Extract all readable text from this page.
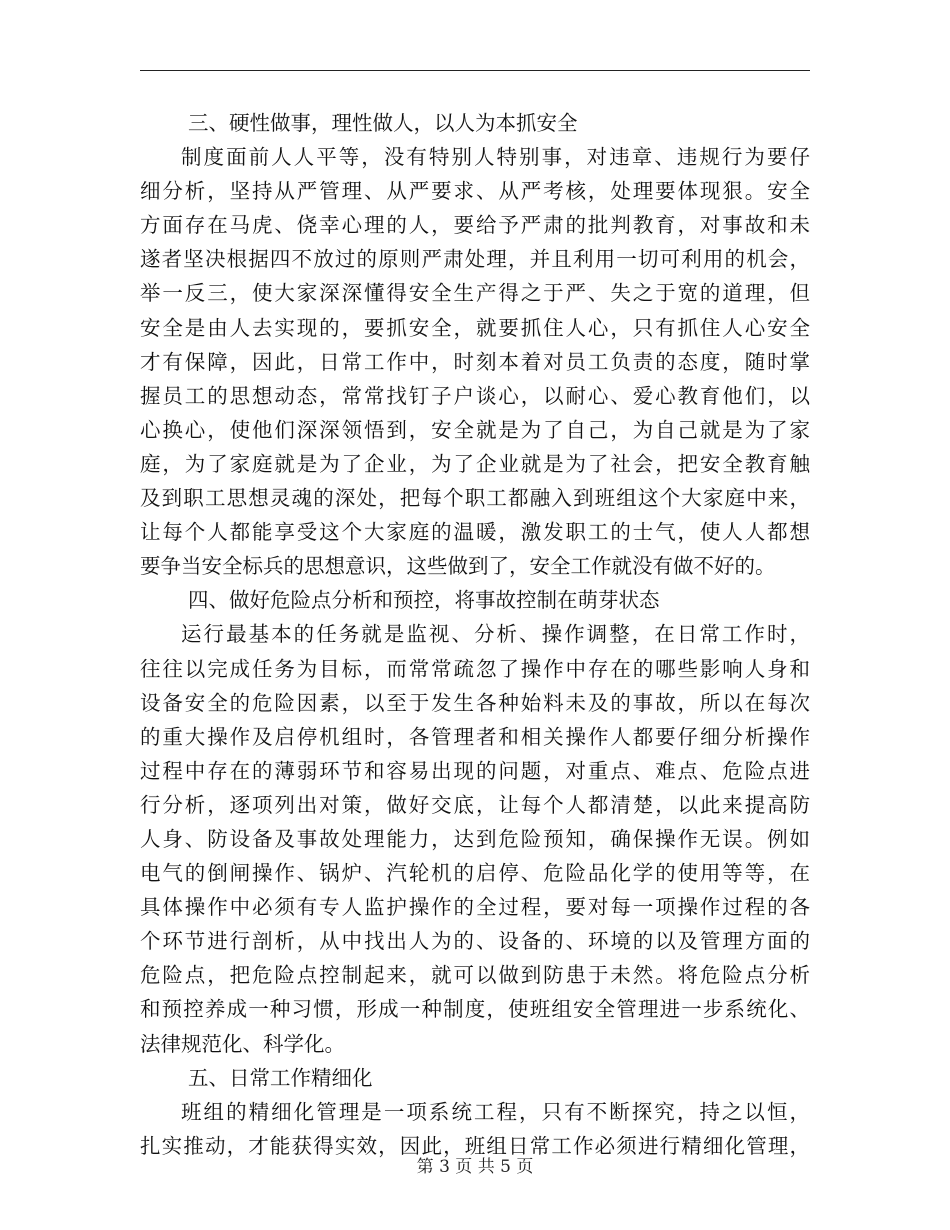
三、硬性做事，理性做人，以人为本抓安全
制度面前人人平等，没有特别人特别事，对违章、违规行为要仔
细分析，坚持从严管理、从严要求、从严考核，处理要体现狠。安全
方面存在马虎、侥幸心理的人，要给予严肃的批判教育，对事故和未
遂者坚决根据四不放过的原则严肃处理，并且利用一切可利用的机会，
举一反三，使大家深深懂得安全生产得之于严、失之于宽的道理，但
安全是由人去实现的，要抓安全，就要抓住人心，只有抓住人心安全
才有保障，因此，日常工作中，时刻本着对员工负责的态度，随时掌
握员工的思想动态，常常找钉子户谈心，以耐心、爱心教育他们，以
心换心，使他们深深领悟到，安全就是为了自己，为自己就是为了家
庭，为了家庭就是为了企业，为了企业就是为了社会，把安全教育触
及到职工思想灵魂的深处，把每个职工都融入到班组这个大家庭中来，
让每个人都能享受这个大家庭的温暖，激发职工的士气，使人人都想
要争当安全标兵的思想意识，这些做到了，安全工作就没有做不好的。
四、做好危险点分析和预控，将事故控制在萌芽状态
运行最基本的任务就是监视、分析、操作调整，在日常工作时，
往往以完成任务为目标，而常常疏忽了操作中存在的哪些影响人身和
设备安全的危险因素，以至于发生各种始料未及的事故，所以在每次
的重大操作及启停机组时，各管理者和相关操作人都要仔细分析操作
过程中存在的薄弱环节和容易出现的问题，对重点、难点、危险点进
行分析，逐项列出对策，做好交底，让每个人都清楚，以此来提高防
人身、防设备及事故处理能力，达到危险预知，确保操作无误。例如
电气的倒闸操作、锅炉、汽轮机的启停、危险品化学的使用等等，在
具体操作中必须有专人监护操作的全过程，要对每一项操作过程的各
个环节进行剖析，从中找出人为的、设备的、环境的以及管理方面的
危险点，把危险点控制起来，就可以做到防患于未然。将危险点分析
和预控养成一种习惯，形成一种制度，使班组安全管理进一步系统化、
法律规范化、科学化。
五、日常工作精细化
班组的精细化管理是一项系统工程，只有不断探究，持之以恒，
扎实推动，才能获得实效，因此，班组日常工作必须进行精细化管理，
第 3 页 共 5 页
